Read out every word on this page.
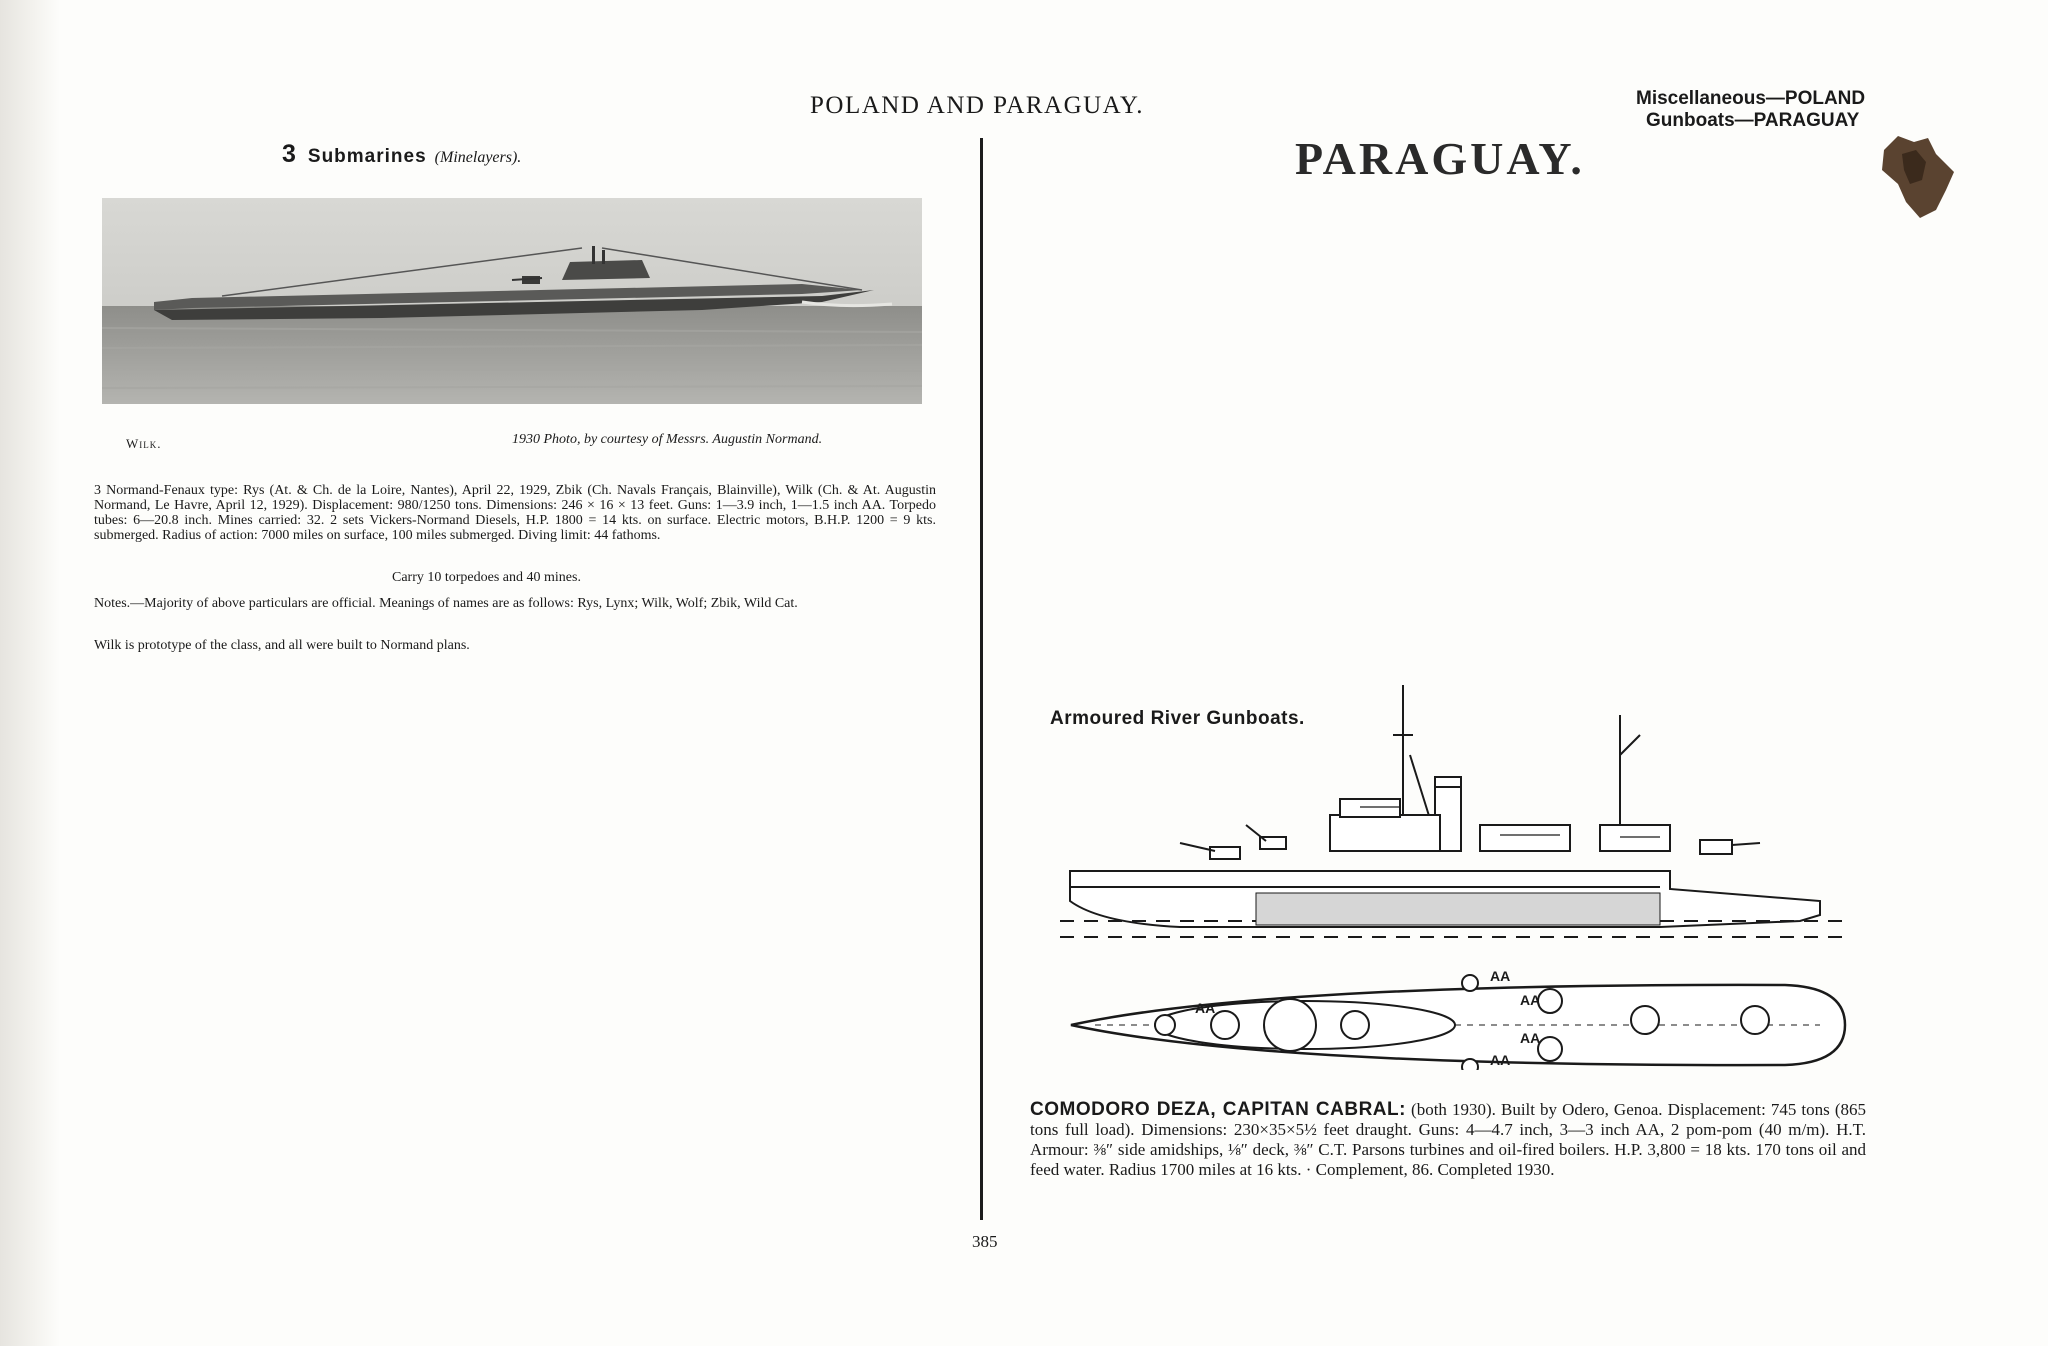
POLAND AND PARAGUAY.	Miscellaneous—POLAND
Gunboats—PARAGUAY
PARAGUAY.
3 Submarines (Minelayers).
Wilk.	1930 Photo, by courtesy of Messrs. Augustin Normand.
3 Normand-Fenaux type: Rys (At. & Ch. de la Loire, Nantes), April 22, 1929, Zbik (Ch. Navals Français, Blainville), Wilk (Ch. & At. Augustin Normand, Le Havre, April 12, 1929). Displacement: 980/1250 tons. Dimensions: 246 × 16 × 13 feet. Guns: 1—3.9 inch, 1—1.5 inch AA. Torpedo tubes: 6—20.8 inch. Mines carried: 32. 2 sets Vickers-Normand Diesels, H.P. 1800 = 14 kts. on surface. Electric motors, B.H.P. 1200 = 9 kts. submerged. Radius of action: 7000 miles on surface, 100 miles submerged. Diving limit: 44 fathoms.
Carry 10 torpedoes and 40 mines.
Notes.—Majority of above particulars are official. Meanings of names are as follows: Rys, Lynx; Wilk, Wolf; Zbik, Wild Cat.
Wilk is prototype of the class, and all were built to Normand plans.
Armoured River Gunboats.
AA
AA
AA
AA
AA
COMODORO DEZA, CAPITAN CABRAL: (both 1930). Built by Odero, Genoa. Displacement: 745 tons (865 tons full load). Dimensions: 230×35×5½ feet draught. Guns: 4—4.7 inch, 3—3 inch AA, 2 pom-pom (40 m/m). H.T. Armour: ⅜″ side amidships, ⅛″ deck, ⅜″ C.T. Parsons turbines and oil-fired boilers. H.P. 3,800 = 18 kts. 170 tons oil and feed water. Radius 1700 miles at 16 kts. · Complement, 86. Completed 1930.
385
